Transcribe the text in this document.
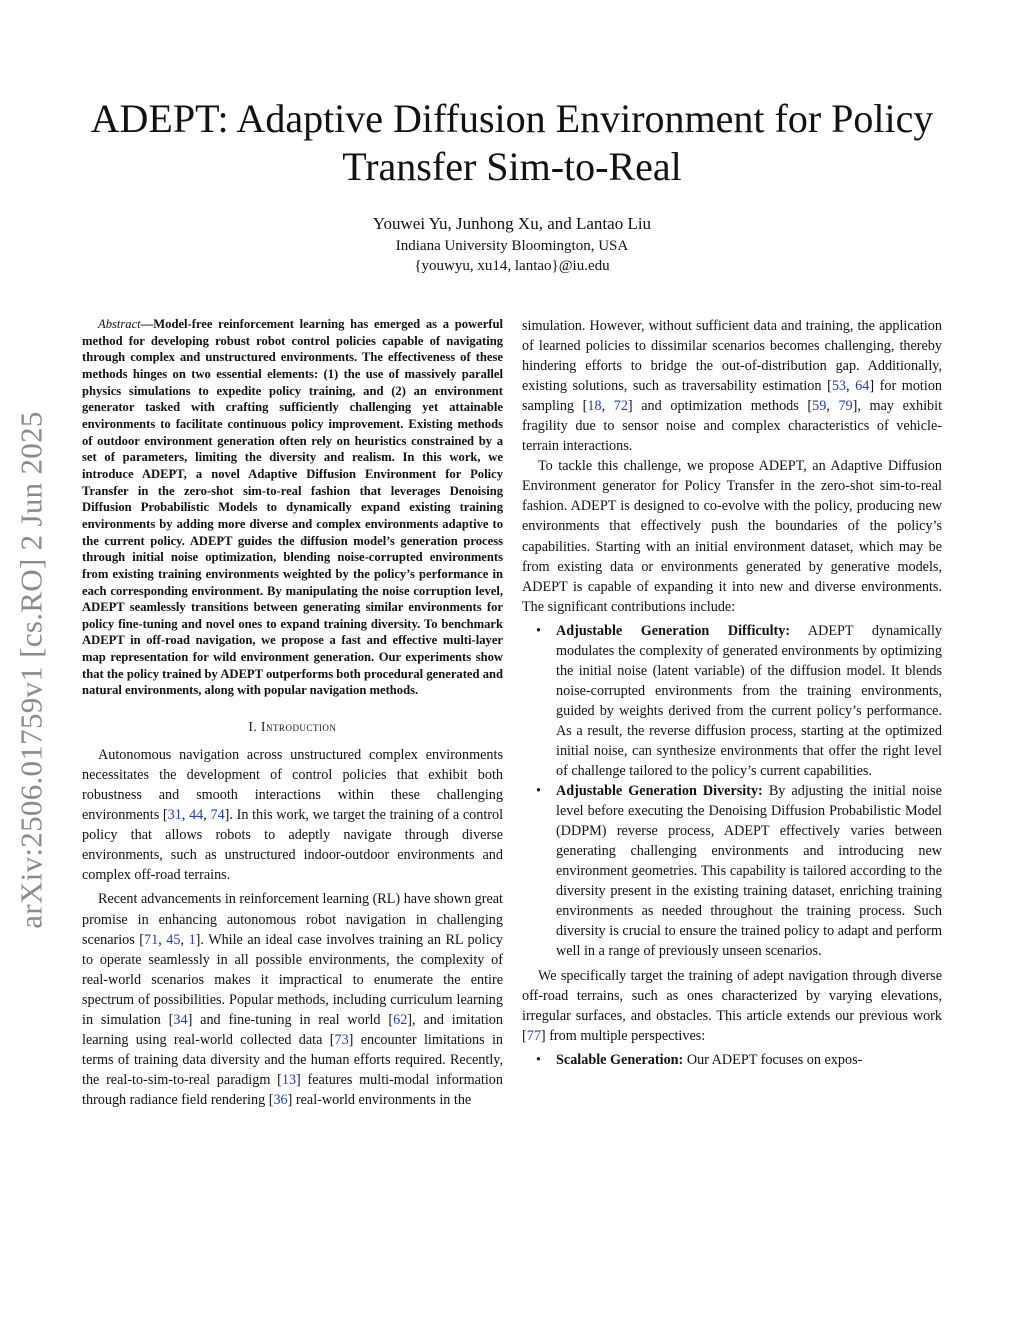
arXiv:2506.01759v1 [cs.RO] 2 Jun 2025
ADEPT: Adaptive Diffusion Environment for Policy Transfer Sim-to-Real
Youwei Yu, Junhong Xu, and Lantao Liu
Indiana University Bloomington, USA
{youwyu, xu14, lantao}@iu.edu

Abstract—Model-free reinforcement learning has emerged as a powerful method for developing robust robot control policies capable of navigating through complex and unstructured environments. The effectiveness of these methods hinges on two essential elements: (1) the use of massively parallel physics simulations to expedite policy training, and (2) an environment generator tasked with crafting sufficiently challenging yet attainable environments to facilitate continuous policy improvement. Existing methods of outdoor environment generation often rely on heuristics constrained by a set of parameters, limiting the diversity and realism. In this work, we introduce ADEPT, a novel Adaptive Diffusion Environment for Policy Transfer in the zero-shot sim-to-real fashion that leverages Denoising Diffusion Probabilistic Models to dynamically expand existing training environments by adding more diverse and complex environments adaptive to the current policy. ADEPT guides the diffusion model’s generation process through initial noise optimization, blending noise-corrupted environments from existing training environments weighted by the policy’s performance in each corresponding environment. By manipulating the noise corruption level, ADEPT seamlessly transitions between generating similar environments for policy fine-tuning and novel ones to expand training diversity. To benchmark ADEPT in off-road navigation, we propose a fast and effective multi-layer map representation for wild environment generation. Our experiments show that the policy trained by ADEPT outperforms both procedural generated and natural environments, along with popular navigation methods.

I. Introduction

Autonomous navigation across unstructured complex environments necessitates the development of control policies that exhibit both robustness and smooth interactions within these challenging environments [31, 44, 74]. In this work, we target the training of a control policy that allows robots to adeptly navigate through diverse environments, such as unstructured indoor-outdoor environments and complex off-road terrains.

Recent advancements in reinforcement learning (RL) have shown great promise in enhancing autonomous robot navigation in challenging scenarios [71, 45, 1]. While an ideal case involves training an RL policy to operate seamlessly in all possible environments, the complexity of real-world scenarios makes it impractical to enumerate the entire spectrum of possibilities. Popular methods, including curriculum learning in simulation [34] and fine-tuning in real world [62], and imitation learning using real-world collected data [73] encounter limitations in terms of training data diversity and the human efforts required. Recently, the real-to-sim-to-real paradigm [13] features multi-modal information through radiance field rendering [36] real-world environments in the

simulation. However, without sufficient data and training, the application of learned policies to dissimilar scenarios becomes challenging, thereby hindering efforts to bridge the out-of-distribution gap. Additionally, existing solutions, such as traversability estimation [53, 64] for motion sampling [18, 72] and optimization methods [59, 79], may exhibit fragility due to sensor noise and complex characteristics of vehicle-terrain interactions.

To tackle this challenge, we propose ADEPT, an Adaptive Diffusion Environment generator for Policy Transfer in the zero-shot sim-to-real fashion. ADEPT is designed to co-evolve with the policy, producing new environments that effectively push the boundaries of the policy’s capabilities. Starting with an initial environment dataset, which may be from existing data or environments generated by generative models, ADEPT is capable of expanding it into new and diverse environments. The significant contributions include:

• Adjustable Generation Difficulty: ADEPT dynamically modulates the complexity of generated environments by optimizing the initial noise (latent variable) of the diffusion model. It blends noise-corrupted environments from the training environments, guided by weights derived from the current policy’s performance. As a result, the reverse diffusion process, starting at the optimized initial noise, can synthesize environments that offer the right level of challenge tailored to the policy’s current capabilities.
• Adjustable Generation Diversity: By adjusting the initial noise level before executing the Denoising Diffusion Probabilistic Model (DDPM) reverse process, ADEPT effectively varies between generating challenging environments and introducing new environment geometries. This capability is tailored according to the diversity present in the existing training dataset, enriching training environments as needed throughout the training process. Such diversity is crucial to ensure the trained policy to adapt and perform well in a range of previously unseen scenarios.

We specifically target the training of adept navigation through diverse off-road terrains, such as ones characterized by varying elevations, irregular surfaces, and obstacles. This article extends our previous work [77] from multiple perspectives:

• Scalable Generation: Our ADEPT focuses on expos-
